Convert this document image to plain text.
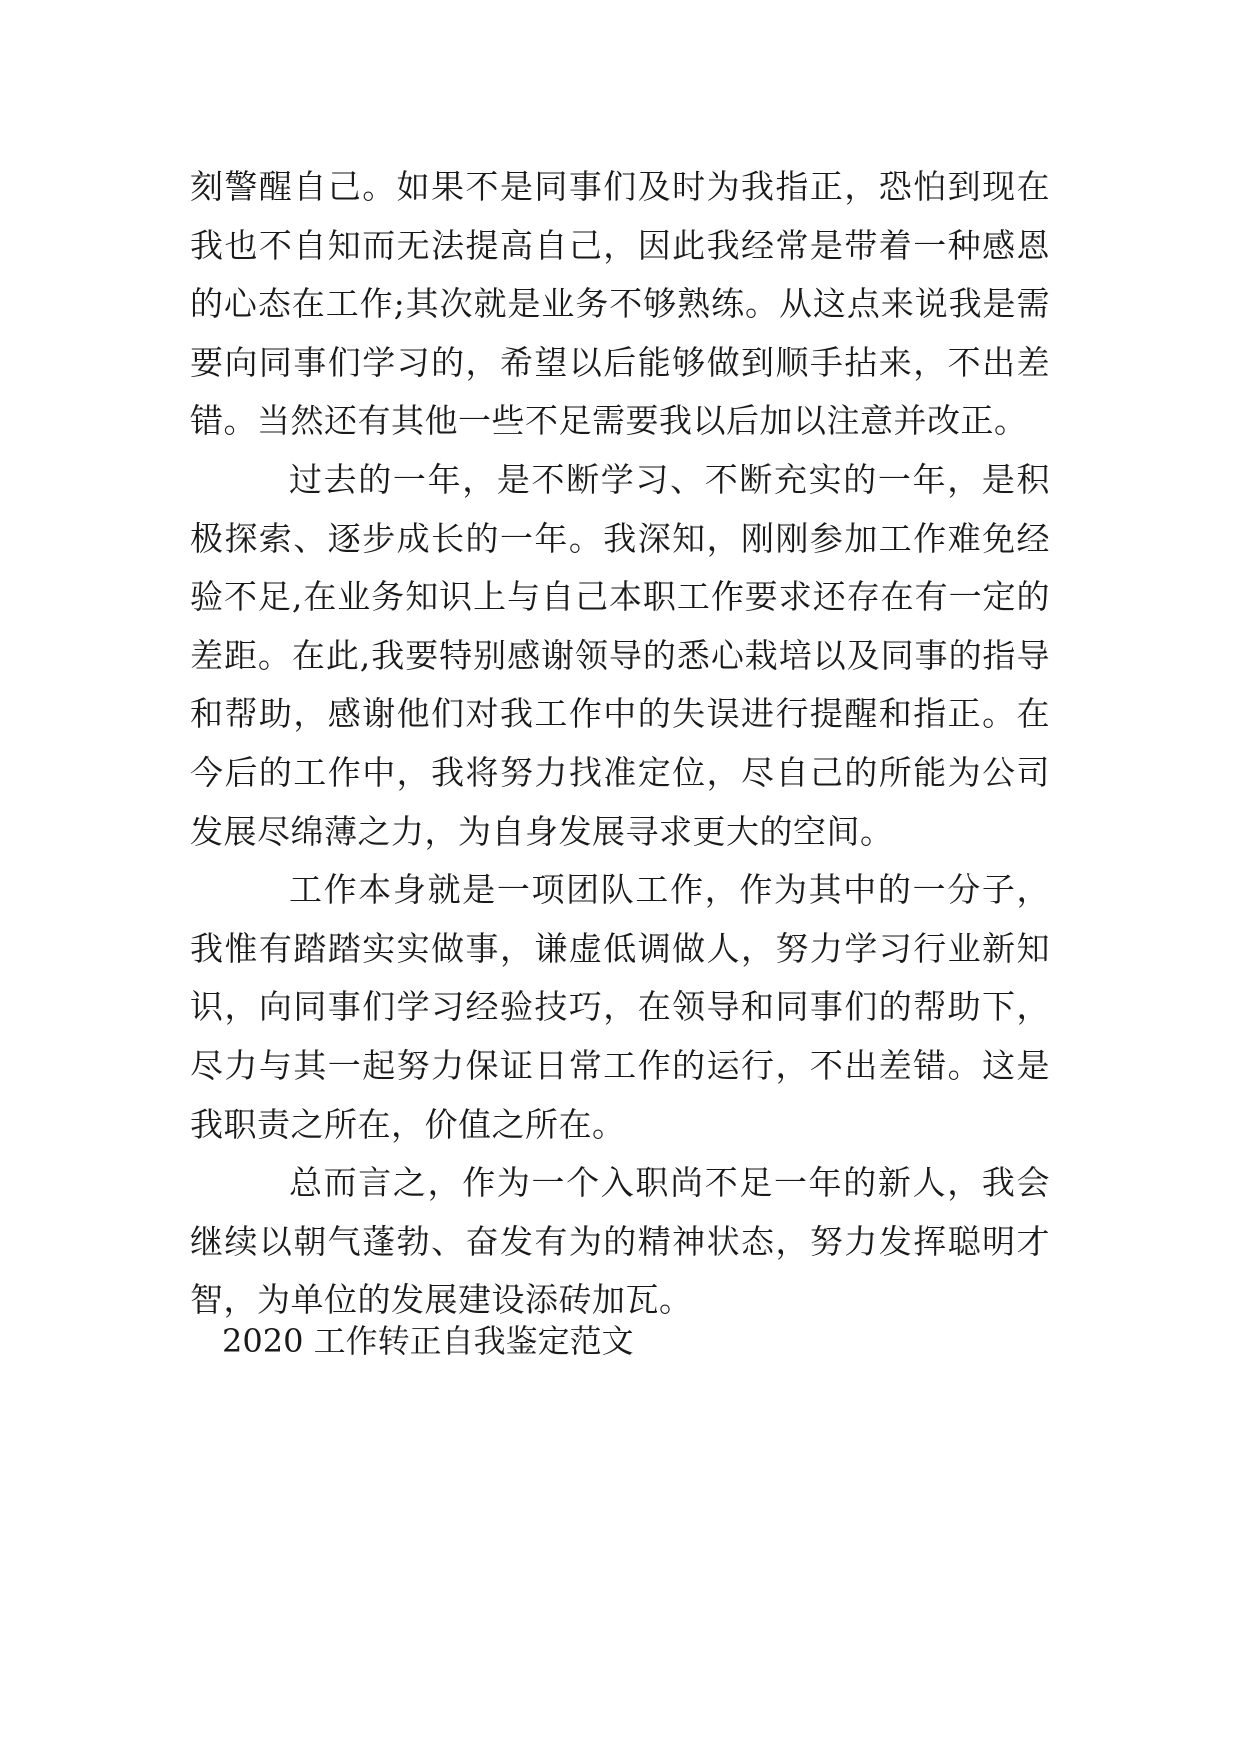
刻警醒自己。如果不是同事们及时为我指正，恐怕到现在我也不自知而无法提高自己，因此我经常是带着一种感恩的心态在工作;其次就是业务不够熟练。从这点来说我是需要向同事们学习的，希望以后能够做到顺手拈来，不出差错。当然还有其他一些不足需要我以后加以注意并改正。

过去的一年，是不断学习、不断充实的一年，是积极探索、逐步成长的一年。我深知，刚刚参加工作难免经验不足,在业务知识上与自己本职工作要求还存在有一定的差距。在此,我要特别感谢领导的悉心栽培以及同事的指导和帮助，感谢他们对我工作中的失误进行提醒和指正。在今后的工作中，我将努力找准定位，尽自己的所能为公司发展尽绵薄之力，为自身发展寻求更大的空间。

工作本身就是一项团队工作，作为其中的一分子，我惟有踏踏实实做事，谦虚低调做人，努力学习行业新知识，向同事们学习经验技巧，在领导和同事们的帮助下，尽力与其一起努力保证日常工作的运行，不出差错。这是我职责之所在，价值之所在。

总而言之，作为一个入职尚不足一年的新人，我会继续以朝气蓬勃、奋发有为的精神状态，努力发挥聪明才智，为单位的发展建设添砖加瓦。

2020 工作转正自我鉴定范文
